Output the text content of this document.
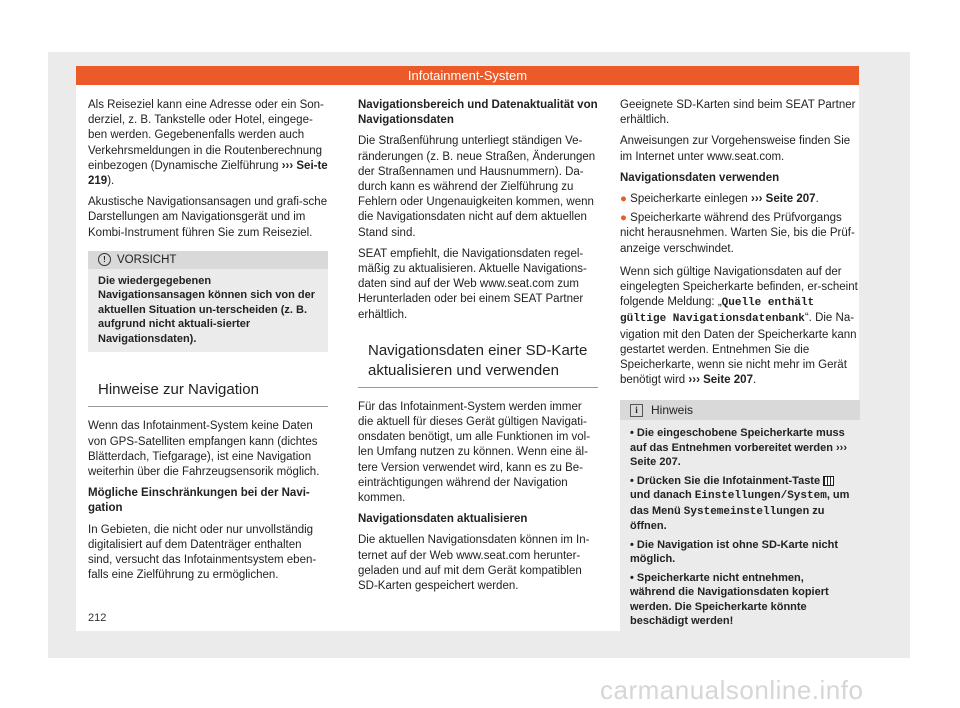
Infotainment-System

Als Reiseziel kann eine Adresse oder ein Son-derziel, z. B. Tankstelle oder Hotel, eingege-ben werden. Gegebenenfalls werden auch Verkehrsmeldungen in die Routenberechnung einbezogen (Dynamische Zielführung ››› Sei-te 219).

Akustische Navigationsansagen und grafi-sche Darstellungen am Navigationsgerät und im Kombi-Instrument führen Sie zum Reiseziel.

! VORSICHT
Die wiedergegebenen Navigationsansagen können sich von der aktuellen Situation un-terscheiden (z. B. aufgrund nicht aktuali-sierter Navigationsdaten).
Hinweise zur Navigation

Wenn das Infotainment-System keine Daten von GPS-Satelliten empfangen kann (dichtes Blätterdach, Tiefgarage), ist eine Navigation weiterhin über die Fahrzeugsensorik möglich.

Mögliche Einschränkungen bei der Navi-gation

In Gebieten, die nicht oder nur unvollständig digitalisiert auf dem Datenträger enthalten sind, versucht das Infotainmentsystem eben-falls eine Zielführung zu ermöglichen.

Navigationsbereich und Datenaktualität von Navigationsdaten

Die Straßenführung unterliegt ständigen Ve-ränderungen (z. B. neue Straßen, Änderungen der Straßennamen und Hausnummern). Da-durch kann es während der Zielführung zu Fehlern oder Ungenauigkeiten kommen, wenn die Navigationsdaten nicht auf dem aktuellen Stand sind.

SEAT empfiehlt, die Navigationsdaten regel-mäßig zu aktualisieren. Aktuelle Navigations-daten sind auf der Web www.seat.com zum Herunterladen oder bei einem SEAT Partner erhältlich.

Navigationsdaten einer SD-Karte aktualisieren und verwenden

Für das Infotainment-System werden immer die aktuell für dieses Gerät gültigen Navigati-onsdaten benötigt, um alle Funktionen im vol-len Umfang nutzen zu können. Wenn eine äl-tere Version verwendet wird, kann es zu Be-einträchtigungen während der Navigation kommen.

Navigationsdaten aktualisieren

Die aktuellen Navigationsdaten können im In-ternet auf der Web www.seat.com herunter-geladen und auf mit dem Gerät kompatiblen SD-Karten gespeichert werden.

Geeignete SD-Karten sind beim SEAT Partner erhältlich.

Anweisungen zur Vorgehensweise finden Sie im Internet unter www.seat.com.

Navigationsdaten verwenden

● Speicherkarte einlegen ››› Seite 207.
● Speicherkarte während des Prüfvorgangs nicht herausnehmen. Warten Sie, bis die Prüf-anzeige verschwindet.

Wenn sich gültige Navigationsdaten auf der eingelegten Speicherkarte befinden, er-scheint folgende Meldung: „Quelle enthält gültige Navigationsdatenbank“. Die Na-vigation mit den Daten der Speicherkarte kann gestartet werden. Entnehmen Sie die Speicherkarte, wenn sie nicht mehr im Gerät benötigt wird ››› Seite 207.

i	Hinweis

• Die eingeschobene Speicherkarte muss auf das Entnehmen vorbereitet werden ››› Seite 207.

• Drücken Sie die Infotainment-Taste  und danach Einstellungen/System, um das Menü Systemeinstellungen zu öffnen.

• Die Navigation ist ohne SD-Karte nicht möglich.

• Speicherkarte nicht entnehmen, während die Navigationsdaten kopiert werden. Die Speicherkarte könnte beschädigt werden!

212
carmanualsonline.info
